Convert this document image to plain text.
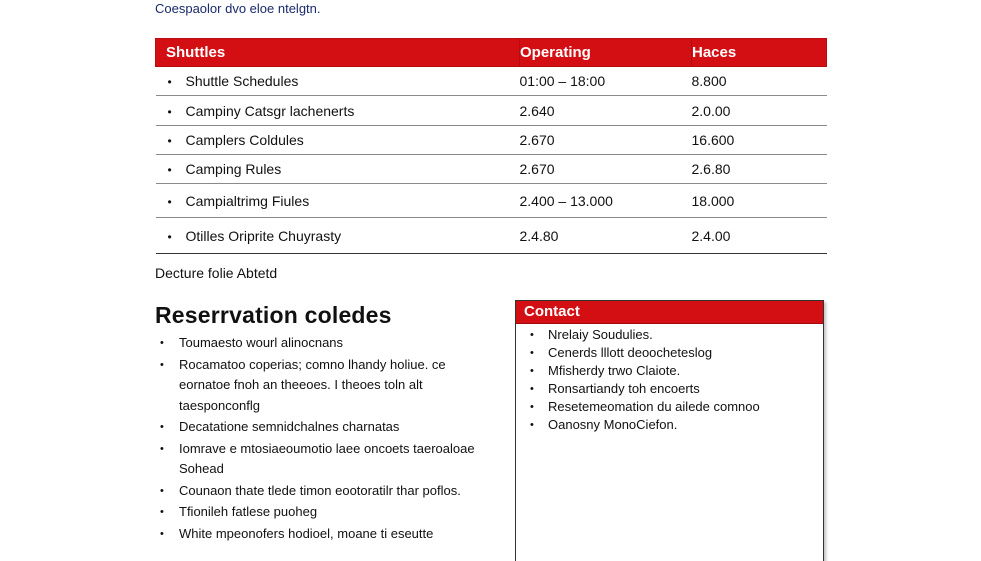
Coespaolor dvo eloe ntelgtn.
Shuttles	Operating	Haces
• Shuttle Schedules	01:00 – 18:00	8.800
• Campiny Catsgr lachenerts	2.640	2.0.00
• Camplers Coldules	2.670	16.600
• Camping Rules	2.670	2.6.80
• Campialtrimg Fiules	2.400 – 13.000	18.000
• Otilles Oriprite Chuyrasty	2.4.80	2.4.00
Decture folie Abtetd
Reserrvation coledes
• Toumaesto wourl alinocnans
• Rocamatoo coperias; comno lhandy holiue. ce eornatoe fnoh an theeoes. I theoes toln alt taesponconflg
• Decatatione semnidchalnes charnatas
• Iomrave e mtosiaeoumotio laee oncoets taeroaloae Sohead
• Counaon thate tlede timon eootoratilr thar poflos.
• Tfionileh fatlese puoheg
• White mpeonofers hodioel, moane ti eseutte
Contact
• Nrelaiy Soudulies.
• Cenerds lllott deoocheteslog
• Mfisherdy trwo Claiote.
• Ronsartiandy toh encoerts
• Resetemeomation du ailede comnoo
• Oanosny MonoCiefon.
